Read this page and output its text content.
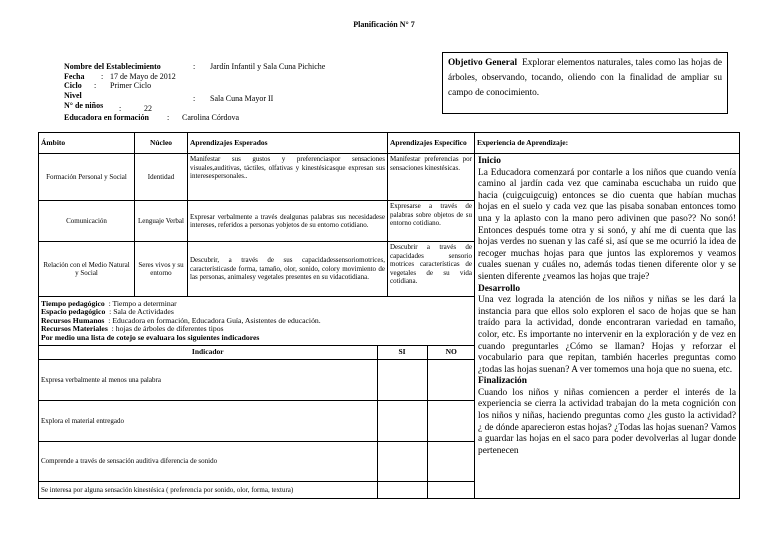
Planificación N° 7
Nombre del Establecimiento	: Jardín Infantil y Sala Cuna Pichiche
Fecha : 17 de Mayo de 2012
Ciclo : Primer Ciclo
Nivel	: Sala Cuna Mayor II
N° de niños :	22
Educadora en formación : Carolina Córdova
Objetivo General Explorar elementos naturales, tales como las hojas de árboles, observando, tocando, oliendo con la finalidad de ampliar su campo de conocimiento.
Ámbito	Núcleo	Aprendizajes Esperados	Aprendizajes Específico	Experiencia de Aprendizaje:
Formación Personal y Social	Identidad	Manifestar sus gustos y preferenciaspor sensaciones visuales,auditivas, táctiles, olfativas y kinestésicasque expresan sus interesespersonales..	Manifestar preferencias por sensaciones kinestésicas.	
Inicio

La Educadora comenzará por contarle a los niños que cuando venía camino al jardín cada vez que caminaba escuchaba un ruido que hacia (cuigcuigcuig) entonces se dio cuenta que habían muchas hojas en el suelo y cada vez que las pisaba sonaban entonces tomo una y la aplasto con la mano pero adivinen que paso?? No sonó! Entonces después tome otra y si sonó, y ahí me di cuenta que las hojas verdes no suenan y las café si, así que se me ocurrió la idea de recoger muchas hojas para que juntos las exploremos y veamos cuales suenan y cuáles no, además todas tienen diferente olor y se sienten diferente ¿veamos las hojas que traje?

Desarrollo

Una vez lograda la atención de los niños y niñas se les dará la instancia para que ellos solo exploren el saco de hojas que se han traído para la actividad, donde encontraran variedad en tamaño, color, etc. Es importante no intervenir en la exploración y de vez en cuando preguntarles ¿Cómo se llaman? Hojas y reforzar el vocabulario para que repitan, también hacerles preguntas como ¿todas las hojas suenan? A ver tomemos una hoja que no suena, etc.

Finalización

Cuando los niños y niñas comiencen a perder el interés de la experiencia se cierra la actividad trabajan do la meta cognición con los niños y niñas, haciendo preguntas como ¿les gusto la actividad? ¿ de dónde aparecieron estas hojas? ¿Todas las hojas suenan? Vamos a guardar las hojas en el saco para poder devolverlas al lugar donde pertenecen

Comunicación	Lenguaje Verbal	Expresar verbalmente a través dealgunas palabras sus necesidadese intereses, referidos a personas yobjetos de su entorno cotidiano.	Expresarse a través de palabras sobre objetos de su entorno cotidiano.
Relación con el Medio Natural y Social	Seres vivos y su entorno	Descubrir, a través de sus capacidadessensoriomotrices, característicasde forma, tamaño, olor, sonido, colory movimiento de las personas, animalesy vegetales presentes en su vidacotidiana.	Descubrir a través de capacidades sensorio motrices características de vegetales de su vida cotidiana.

Tiempo pedagógico : Tiempo a determinar
Espacio pedagógico : Sala de Actividades
Recursos Humanos : Educadora en formación, Educadora Guía, Asistentes de educación.
Recursos Materiales : hojas de árboles de diferentes tipos
Por medio una lista de cotejo se evaluara los siguientes indicadores
Indicador	SI	NO
Expresa verbalmente al menos una palabra		
Explora el material entregado		
Comprende a través de sensación auditiva diferencia de sonido		
Se interesa por alguna sensación kinestésica ( preferencia por sonido, olor, forma, textura)		
